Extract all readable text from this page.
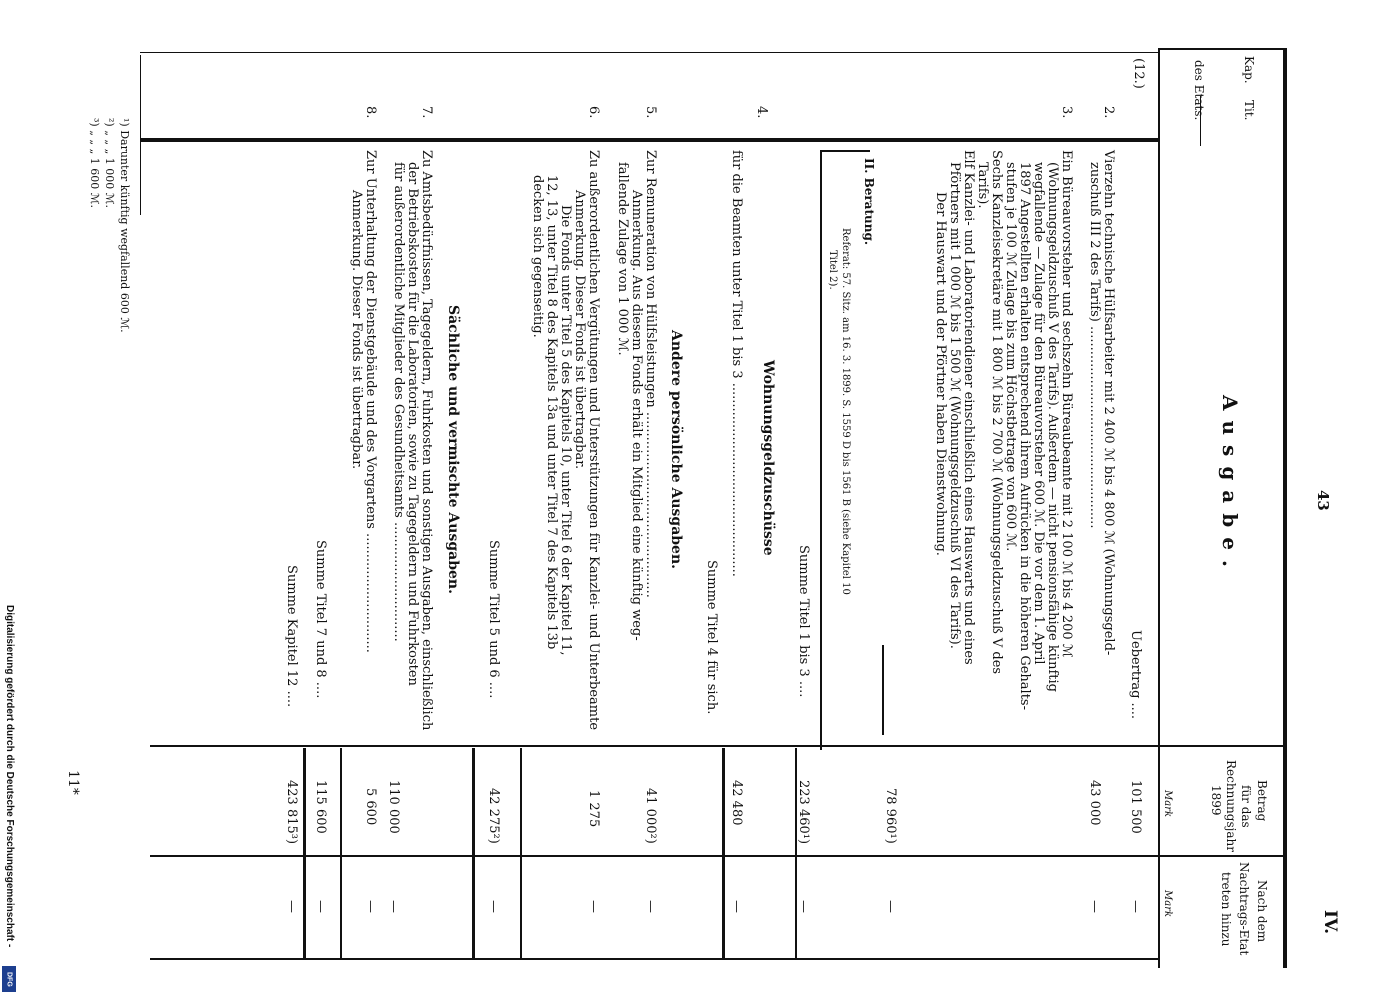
43
IV.
Ausgabe.
Kap.
Tit.
des Etats.
Betrag
für das
Rechnungsjahr
1899
Mark
Nach dem
Nachtrags-Etat
treten hinzu
Mark
(12.)
Uebertrag ....
101 500
—
2.
Vierzehn technische Hülfsarbeiter mit 2 400 ℳ bis 4 800 ℳ (Wohnungsgeld-
zuschuß III 2 des Tarifs) .................................................
43 000
—
3.
Ein Büreauvorsteher und sechszehn Büreaubeamte mit 2 100 ℳ bis 4 200 ℳ
(Wohnungsgeldzuschuß V des Tarifs). Außerdem — nicht pensionsfähige künftig
wegfallende — Zulage für den Büreauvorsteher 600 ℳ. Die vor dem 1. April
1897 Angestellten erhalten entsprechend ihrem Aufrücken in die höheren Gehalts-
stufen je 100 ℳ Zulage bis zum Höchstbetrage von 600 ℳ.
Sechs Kanzleisekretäre mit 1 800 ℳ bis 2 700 ℳ (Wohnungsgeldzuschuß V des
Tarifs).
Elf Kanzlei- und Laboratoriendiener einschließlich eines Hauswarts und eines
Pförtners mit 1 000 ℳ bis 1 500 ℳ (Wohnungsgeldzuschuß VI des Tarifs).
Der Hauswart und der Pförtner haben Dienstwohnung.
II. Beratung.
Referat: 57. Sitz. am 16. 3. 1899. S. 1559 D bis 1561 B (siehe Kapitel 10
Titel 2).
78 960¹)
—
Summe Titel 1 bis 3 ....
223 460¹)
—
Wohnungsgeldzuschüsse
4.
für die Beamten unter Titel 1 bis 3 ...............................................
42 480
—
Summe Titel 4 für sich.
Andere persönliche Ausgaben.
5.
Zur Remuneration von Hülfsleistungen .............................................
Anmerkung. Aus diesem Fonds erhält ein Mitglied eine künftig weg-
fallende Zulage von 1 000 ℳ.
41 000²)
—
6.
Zu außerordentlichen Vergütungen und Unterstützungen für Kanzlei- und Unterbeamte
Anmerkung. Dieser Fonds ist übertragbar.
Die Fonds unter Titel 5 des Kapitels 10, unter Titel 6 der Kapitel 11,
12, 13, unter Titel 8 des Kapitels 13a und unter Titel 7 des Kapitels 13b
decken sich gegenseitig.
1 275
—
Summe Titel 5 und 6 ....
42 275²)
—
Sächliche und vermischte Ausgaben.
7.
Zu Amtsbedürfnissen, Tagegeldern, Fuhrkosten und sonstigen Ausgaben, einschließlich
der Betriebskosten für die Laboratorien, sowie zu Tagegeldern und Fuhrkosten
für außerordentliche Mitglieder des Gesundheitsamts .............................
110 000
—
8.
Zur Unterhaltung der Dienstgebäude und des Vorgartens .............................
Anmerkung. Dieser Fonds ist übertragbar.
5 600
—
Summe Titel 7 und 8 ....
115 600
—
Summe Kapitel 12 ....
423 815³)
—
¹) Darunter künftig wegfallend 600 ℳ.
²) „ „ „ 1 000 ℳ.
³) „ „ „ 1 600 ℳ.
11*
Digitalisierung gefördert durch die Deutsche Forschungsgemeinschaft -
DFG
